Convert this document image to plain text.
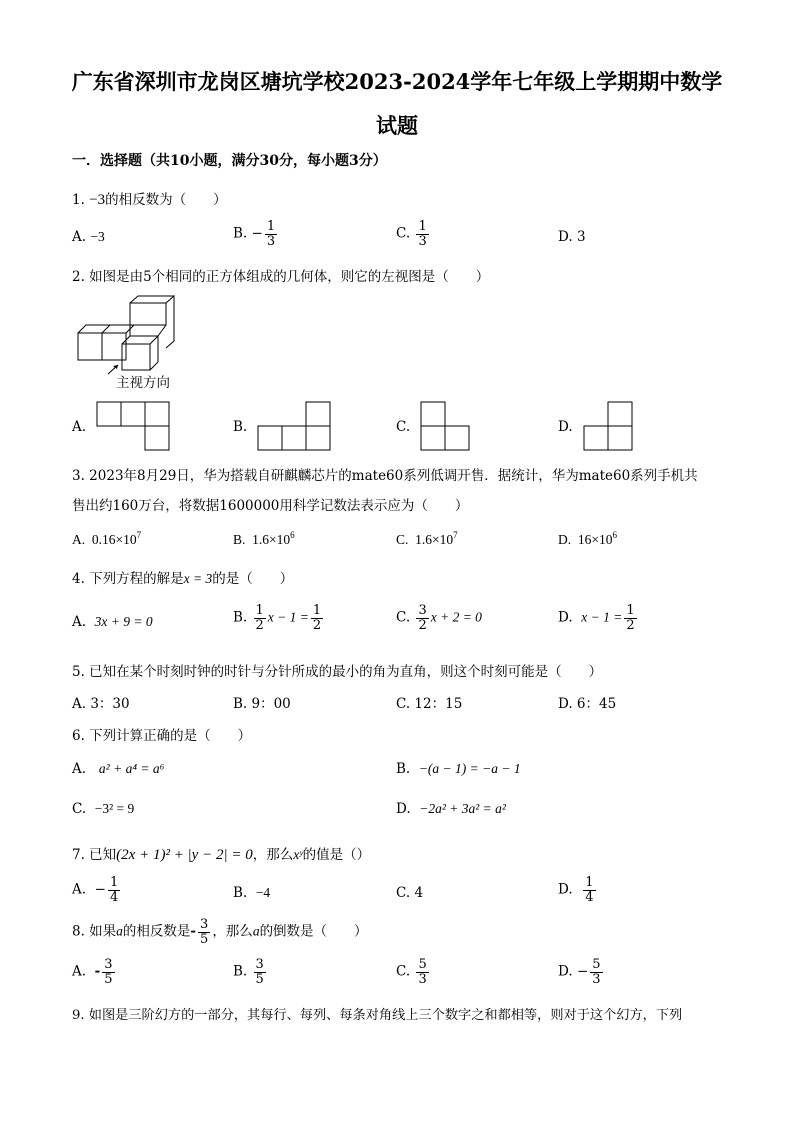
广东省深圳市龙岗区塘坑学校2023-2024学年七年级上学期期中数学
试题
一．选择题（共10小题，满分30分，每小题3分）
1. −3的相反数为（　　）
A. −3	B. − $\frac{1}{3}$	C. $\frac{1}{3}$	D. 3
2. 如图是由5个相同的正方体组成的几何体，则它的左视图是（　　）
主视方向
A.	B.	C.	D.
3. 2023年8月29日，华为搭载自研麒麟芯片的mate60系列低调开售．据统计，华为mate60系列手机共
售出约160万台，将数据1600000用科学记数法表示应为（　　）
A. $0.16\times 10^7$	B. $1.6\times 10^6$	C. $1.6\times 10^7$	D. $16\times 10^6$
4. 下列方程的解是x = 3的是（　　）
A. 3x + 9 = 0	B. $\frac{1}{2}$ $x - 1 = \frac{1}{2}$	C. $\frac{3}{2}$ x + 2 = 0	D. $x - 1 = \frac{1}{2}$
5. 已知在某个时刻时钟的时针与分针所成的最小的角为直角，则这个时刻可能是（　　）
A. 3：30	B. 9：00	C. 12：15	D. 6：45
6. 下列计算正确的是（　　）
A. a² + a⁴ = a⁶	B. −(a − 1) = −a − 1
C. −3² = 9	D. −2a² + 3a² = a²
7. 已知(2x + 1)² + |y − 2| = 0，那么xʸ的值是（）
A. − $\frac{1}{4}$	B. −4	C. 4	D. $\frac{1}{4}$
8. 如果a的相反数是- $\frac{3}{5}$ ，那么a的倒数是（　　）
A. - $\frac{3}{5}$	B. $\frac{3}{5}$	C. $\frac{5}{3}$	D. − $\frac{5}{3}$
9. 如图是三阶幻方的一部分，其每行、每列、每条对角线上三个数字之和都相等，则对于这个幻方，下列
